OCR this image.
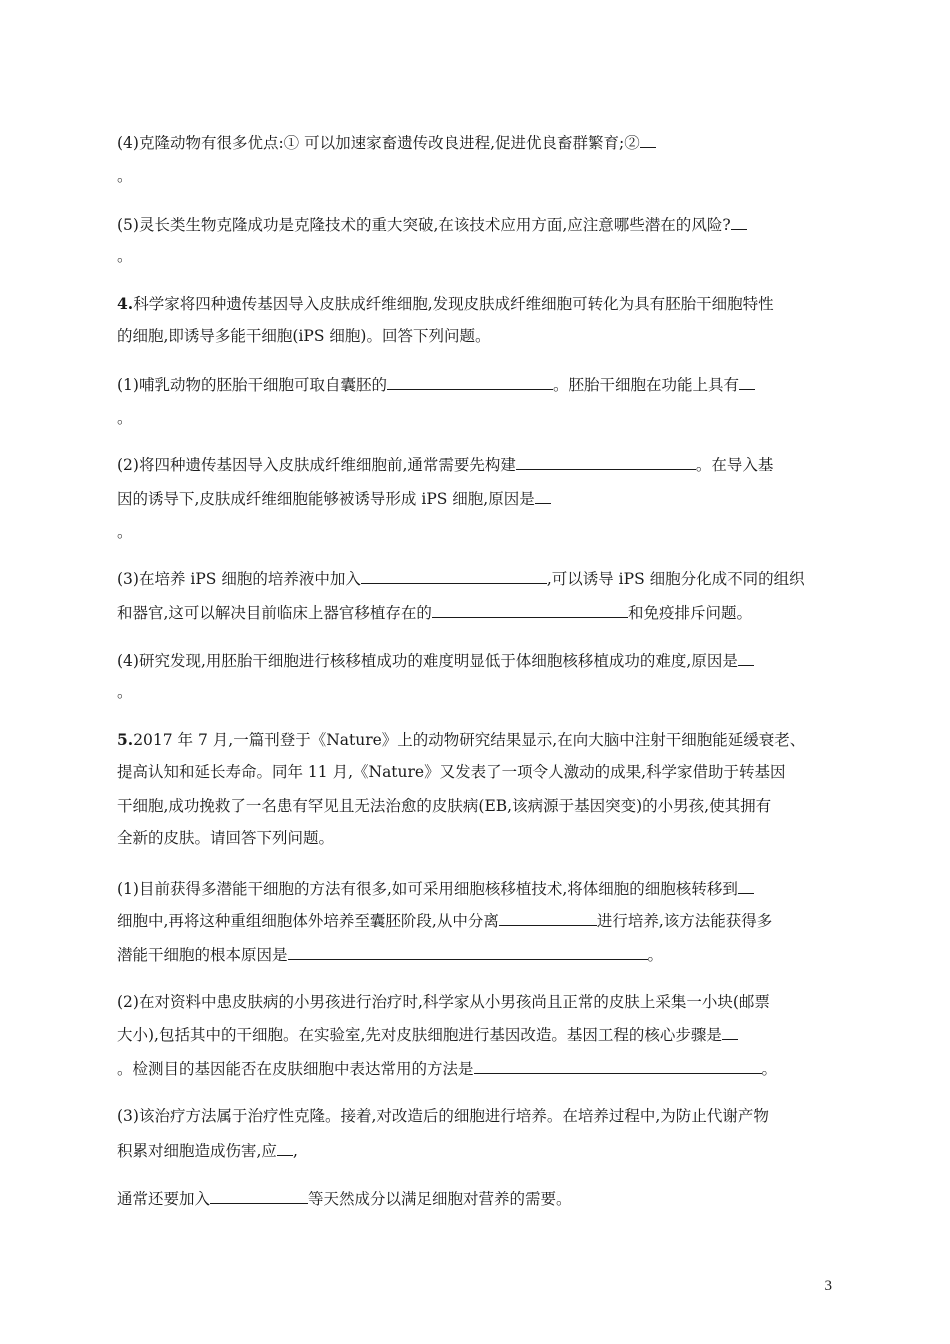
(4)克隆动物有很多优点:① 可以加速家畜遗传改良进程,促进优良畜群繁育;②
。
(5)灵长类生物克隆成功是克隆技术的重大突破,在该技术应用方面,应注意哪些潜在的风险?
。
4.科学家将四种遗传基因导入皮肤成纤维细胞,发现皮肤成纤维细胞可转化为具有胚胎干细胞特性
的细胞,即诱导多能干细胞(iPS 细胞)。回答下列问题。
(1)哺乳动物的胚胎干细胞可取自囊胚的	。胚胎干细胞在功能上具有
。
(2)将四种遗传基因导入皮肤成纤维细胞前,通常需要先构建	。在导入基
因的诱导下,皮肤成纤维细胞能够被诱导形成 iPS 细胞,原因是
。
(3)在培养 iPS 细胞的培养液中加入	,可以诱导 iPS 细胞分化成不同的组织
和器官,这可以解决目前临床上器官移植存在的	和免疫排斥问题。
(4)研究发现,用胚胎干细胞进行核移植成功的难度明显低于体细胞核移植成功的难度,原因是
。
5.2017 年 7 月,一篇刊登于《Nature》上的动物研究结果显示,在向大脑中注射干细胞能延缓衰老、
提高认知和延长寿命。同年 11 月,《Nature》又发表了一项令人激动的成果,科学家借助于转基因
干细胞,成功挽救了一名患有罕见且无法治愈的皮肤病(EB,该病源于基因突变)的小男孩,使其拥有
全新的皮肤。请回答下列问题。
(1)目前获得多潜能干细胞的方法有很多,如可采用细胞核移植技术,将体细胞的细胞核转移到
细胞中,再将这种重组细胞体外培养至囊胚阶段,从中分离	进行培养,该方法能获得多
潜能干细胞的根本原因是	。
(2)在对资料中患皮肤病的小男孩进行治疗时,科学家从小男孩尚且正常的皮肤上采集一小块(邮票
大小),包括其中的干细胞。在实验室,先对皮肤细胞进行基因改造。基因工程的核心步骤是
。检测目的基因能否在皮肤细胞中表达常用的方法是	。
(3)该治疗方法属于治疗性克隆。接着,对改造后的细胞进行培养。在培养过程中,为防止代谢产物
积累对细胞造成伤害,应 ,
通常还要加入	等天然成分以满足细胞对营养的需要。
3
